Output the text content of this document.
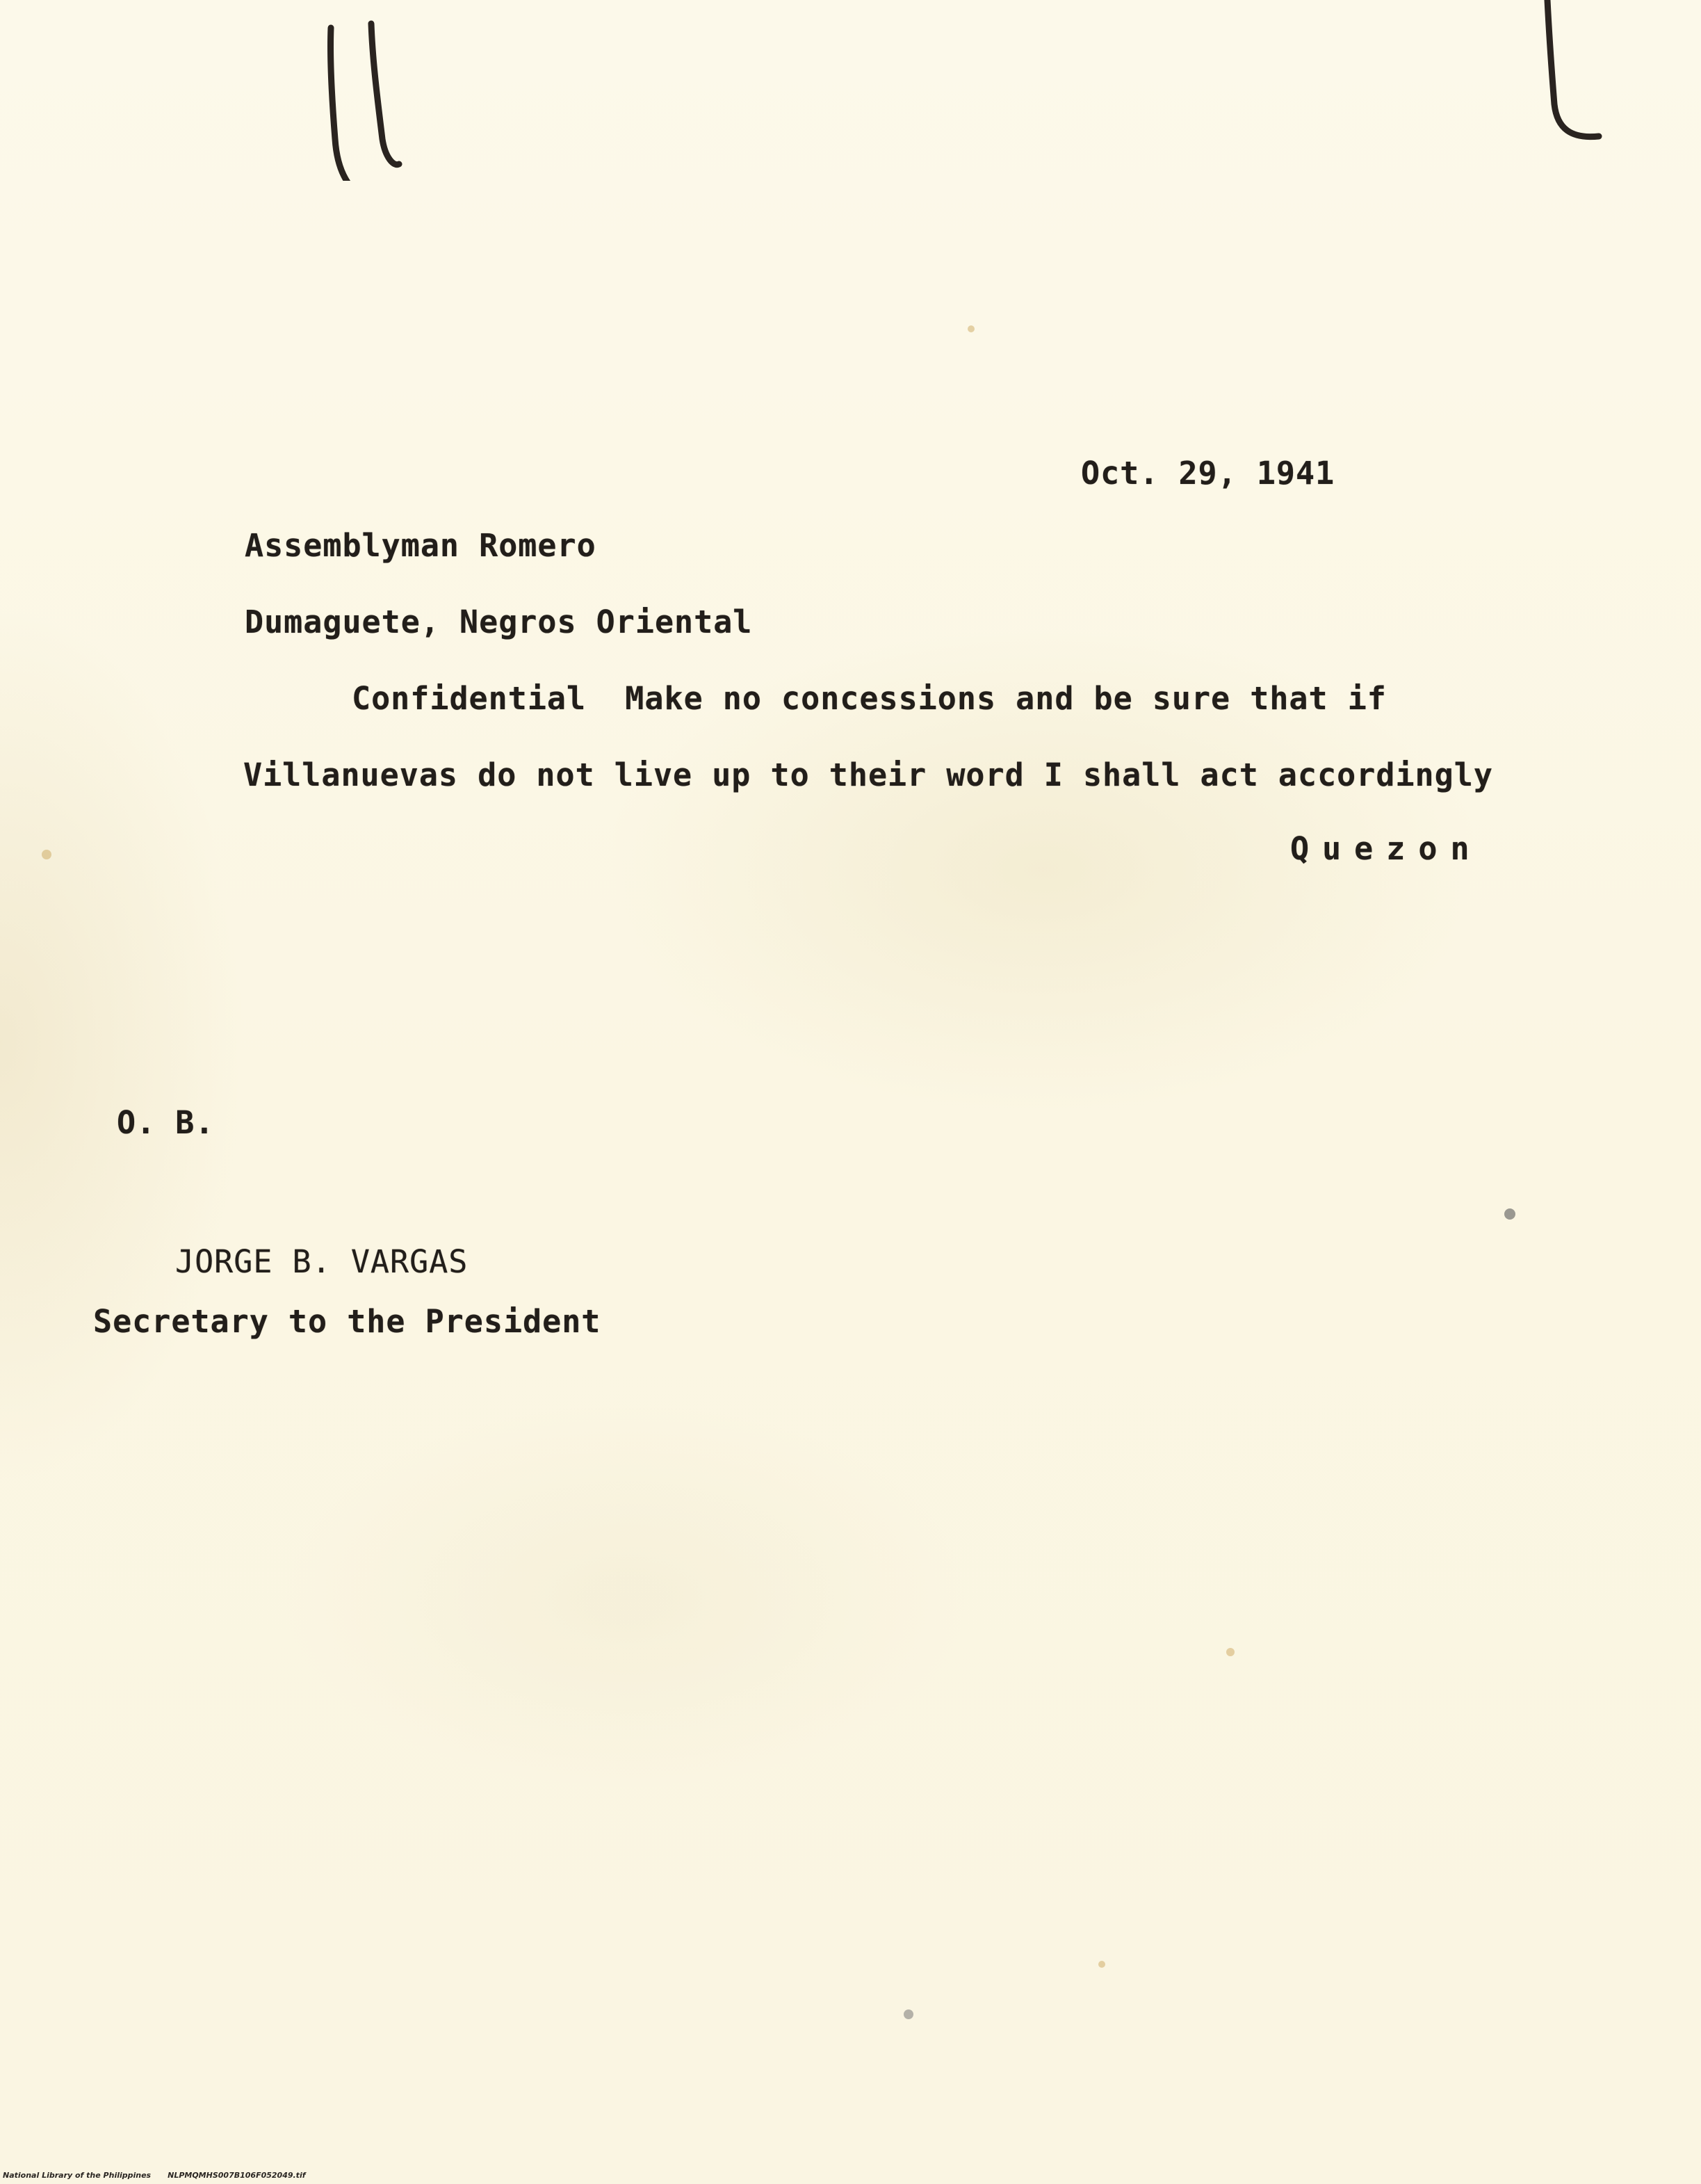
Oct. 29, 1941
Assemblyman Romero
Dumaguete, Negros Oriental
Confidential  Make no concessions and be sure that if
Villanuevas do not live up to their word I shall act accordingly
Quezon
O. B.
JORGE B. VARGAS
Secretary to the President
National Library of the Philippines NLPMQMHS007B106F052049.tif
